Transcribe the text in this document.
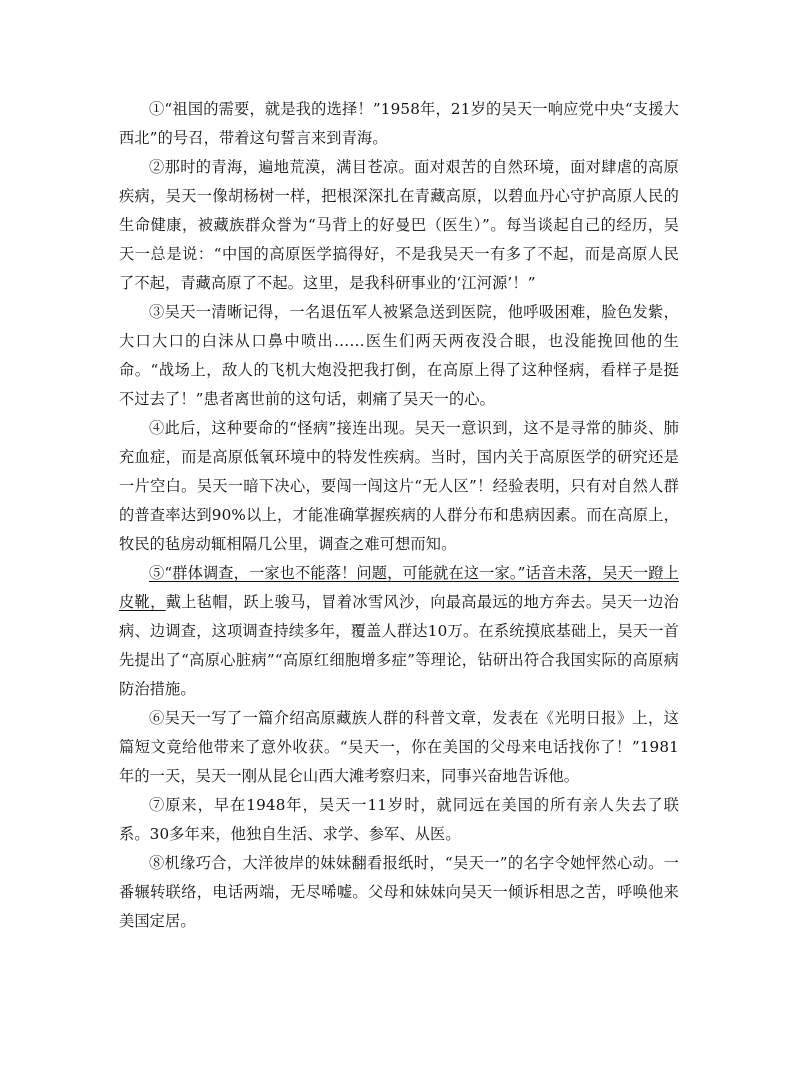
①“祖国的需要，就是我的选择！”1958年，21岁的吴天一响应党中央“支援大西北”的号召，带着这句誓言来到青海。

②那时的青海，遍地荒漠，满目苍凉。面对艰苦的自然环境，面对肆虐的高原疾病，吴天一像胡杨树一样，把根深深扎在青藏高原，以碧血丹心守护高原人民的生命健康，被藏族群众誉为“马背上的好曼巴（医生）”。每当谈起自己的经历，吴天一总是说：“中国的高原医学搞得好，不是我吴天一有多了不起，而是高原人民了不起，青藏高原了不起。这里，是我科研事业的‘江河源’！”

③吴天一清晰记得，一名退伍军人被紧急送到医院，他呼吸困难，脸色发紫，大口大口的白沫从口鼻中喷出……医生们两天两夜没合眼，也没能挽回他的生命。“战场上，敌人的飞机大炮没把我打倒，在高原上得了这种怪病，看样子是挺不过去了！”患者离世前的这句话，刺痛了吴天一的心。

④此后，这种要命的“怪病”接连出现。吴天一意识到，这不是寻常的肺炎、肺充血症，而是高原低氧环境中的特发性疾病。当时，国内关于高原医学的研究还是一片空白。吴天一暗下决心，要闯一闯这片“无人区”！经验表明，只有对自然人群的普查率达到90%以上，才能准确掌握疾病的人群分布和患病因素。而在高原上，牧民的毡房动辄相隔几公里，调查之难可想而知。

⑤“群体调查，一家也不能落！问题，可能就在这一家。”话音未落，吴天一蹬上皮靴，戴上毡帽，跃上骏马，冒着冰雪风沙，向最高最远的地方奔去。吴天一边治病、边调查，这项调查持续多年，覆盖人群达10万。在系统摸底基础上，吴天一首先提出了“高原心脏病”“高原红细胞增多症”等理论，钻研出符合我国实际的高原病防治措施。

⑥吴天一写了一篇介绍高原藏族人群的科普文章，发表在《光明日报》上，这篇短文竟给他带来了意外收获。“吴天一，你在美国的父母来电话找你了！”1981年的一天，吴天一刚从昆仑山西大滩考察归来，同事兴奋地告诉他。

⑦原来，早在1948年，吴天一11岁时，就同远在美国的所有亲人失去了联系。30多年来，他独自生活、求学、参军、从医。

⑧机缘巧合，大洋彼岸的妹妹翻看报纸时，“吴天一”的名字令她怦然心动。一番辗转联络，电话两端，无尽唏嘘。父母和妹妹向吴天一倾诉相思之苦，呼唤他来美国定居。
